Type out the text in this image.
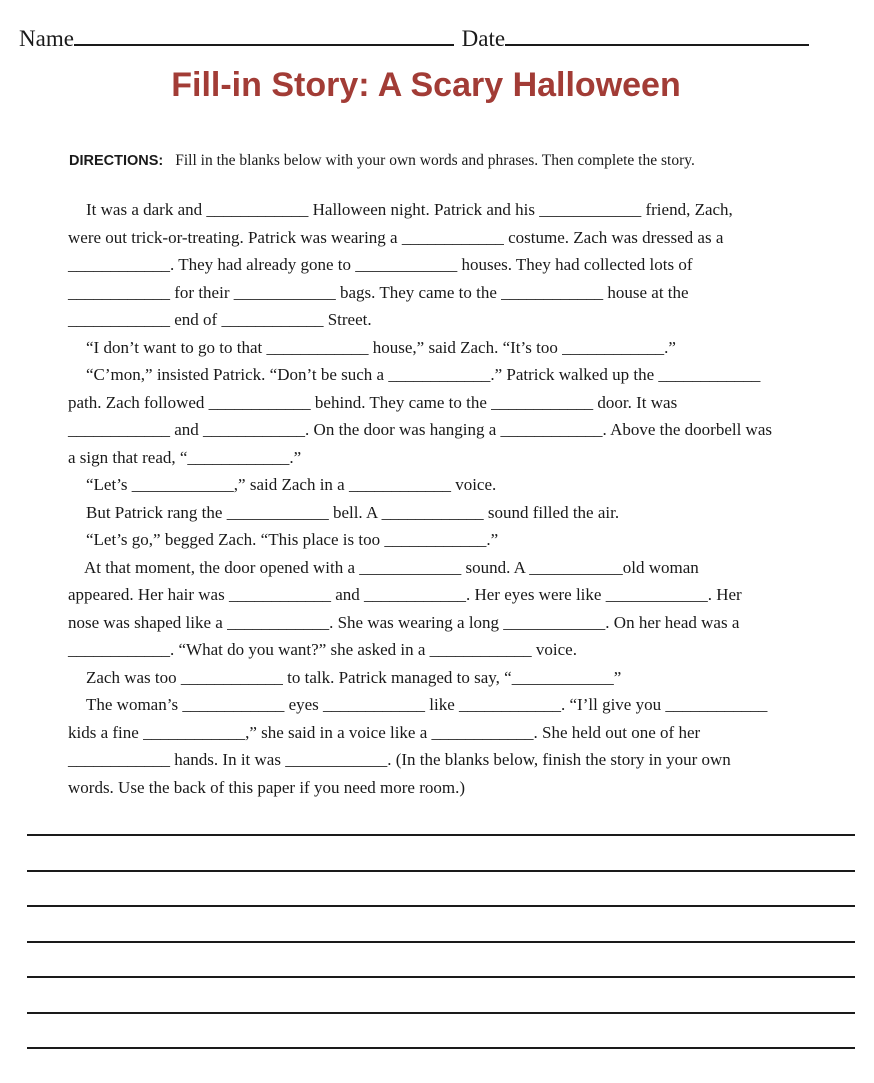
Name	Date
Fill-in Story: A Scary Halloween
DIRECTIONS: Fill in the blanks below with your own words and phrases. Then complete the story.
It was a dark and ____________ Halloween night. Patrick and his ____________ friend, Zach,
were out trick-or-treating. Patrick was wearing a ____________ costume. Zach was dressed as a
____________. They had already gone to ____________ houses. They had collected lots of
____________ for their ____________ bags. They came to the ____________ house at the
____________ end of ____________ Street.
“I don’t want to go to that ____________ house,” said Zach. “It’s too ____________.”
“C’mon,” insisted Patrick. “Don’t be such a ____________.” Patrick walked up the ____________
path. Zach followed ____________ behind. They came to the ____________ door. It was
____________ and ____________. On the door was hanging a ____________. Above the doorbell was
a sign that read, “____________.”
“Let’s ____________,” said Zach in a ____________ voice.
But Patrick rang the ____________ bell. A ____________ sound filled the air.
“Let’s go,” begged Zach. “This place is too ____________.”
At that moment, the door opened with a ____________ sound. A ___________old woman
appeared. Her hair was ____________ and ____________. Her eyes were like ____________. Her
nose was shaped like a ____________. She was wearing a long ____________. On her head was a
____________. “What do you want?” she asked in a ____________ voice.
Zach was too ____________ to talk. Patrick managed to say, “____________”
The woman’s ____________ eyes ____________ like ____________. “I’ll give you ____________
kids a fine ____________,” she said in a voice like a ____________. She held out one of her
____________ hands. In it was ____________. (In the blanks below, finish the story in your own
words. Use the back of this paper if you need more room.)
